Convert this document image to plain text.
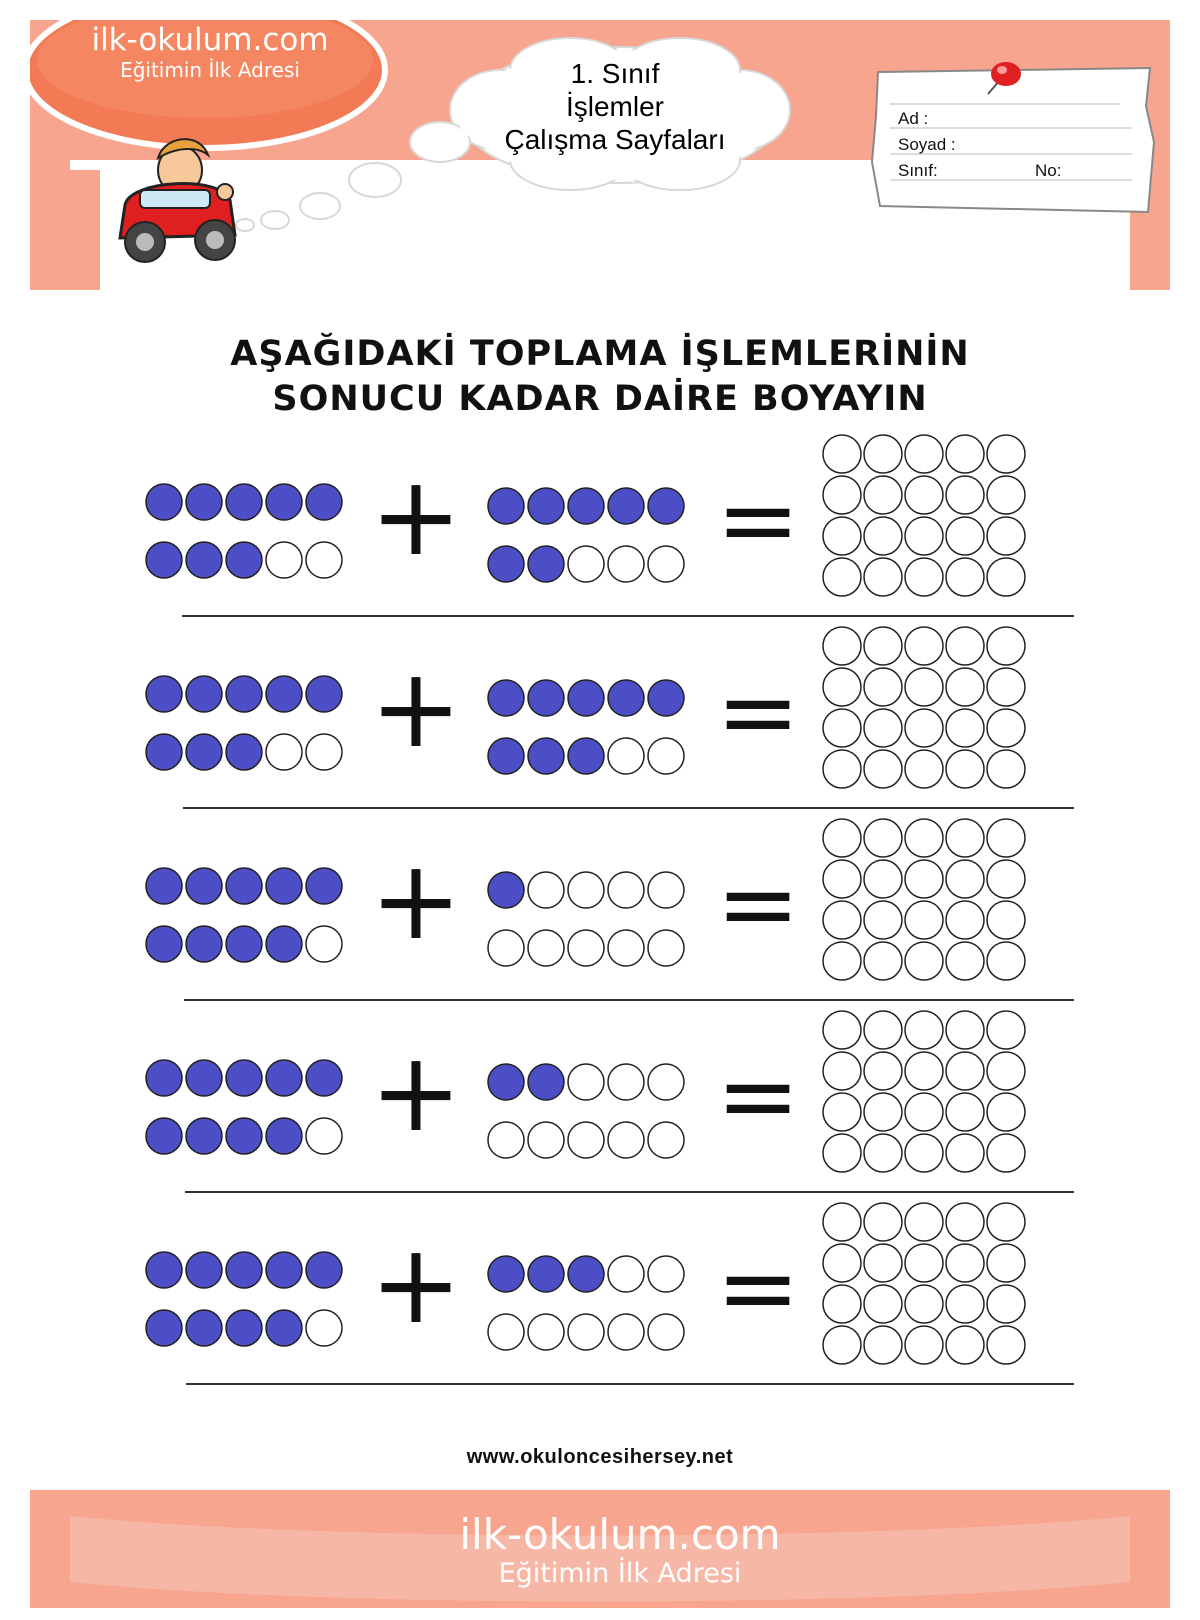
ilk-okulum.com
Eğitimin İlk Adresi	1. Sınıf
İşlemler
Çalışma Sayfaları
Ad :
Soyad :
Sınıf:	No:
AŞAĞIDAKİ TOPLAMA İŞLEMLERİNİN
SONUCU KADAR DAİRE BOYAYIN
+	=
+	=
+	=
+	=
+	=
www.okuloncesihersey.net
ilk-okulum.com
Eğitimin İlk Adresi
